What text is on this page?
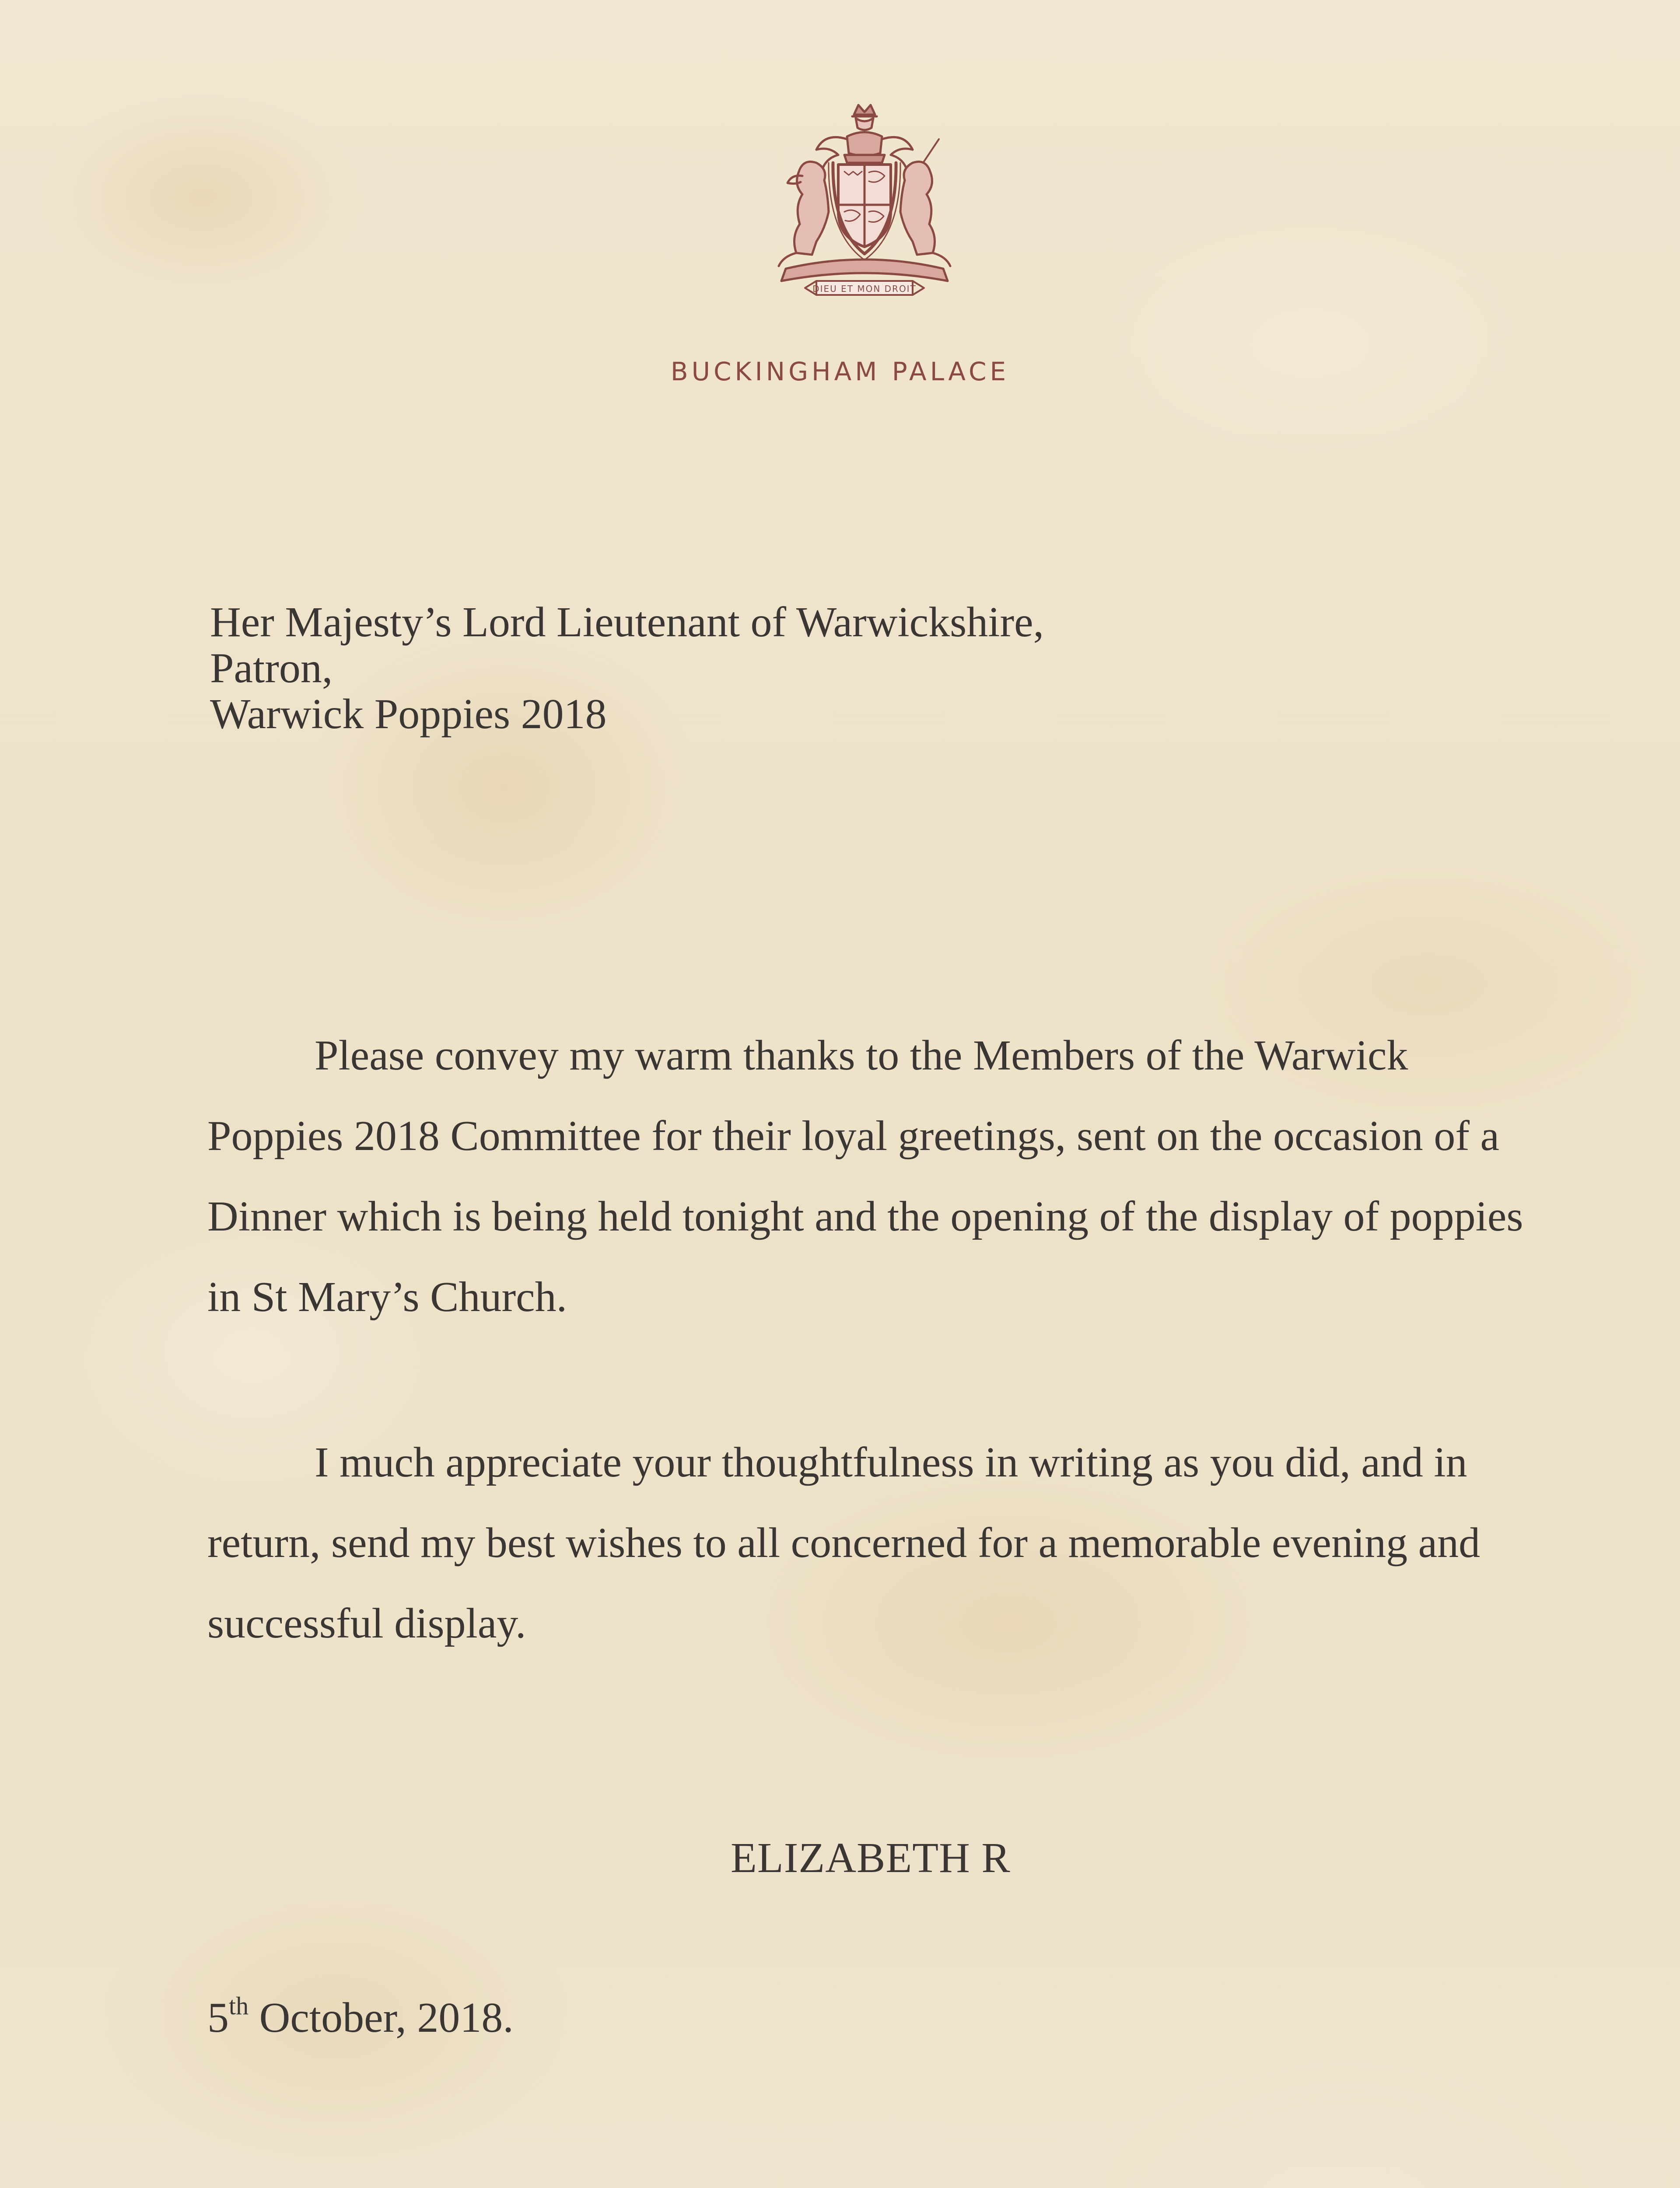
DIEU ET MON DROIT
BUCKINGHAM PALACE
Her Majesty’s Lord Lieutenant of Warwickshire,
Patron,
Warwick Poppies 2018

Please convey my warm thanks to the Members of the Warwick Poppies 2018 Committee for their loyal greetings, sent on the occasion of a Dinner which is being held tonight and the opening of the display of poppies in St Mary’s Church.

I much appreciate your thoughtfulness in writing as you did, and in return, send my best wishes to all concerned for a memorable evening and successful display.

ELIZABETH R
5th October, 2018.
